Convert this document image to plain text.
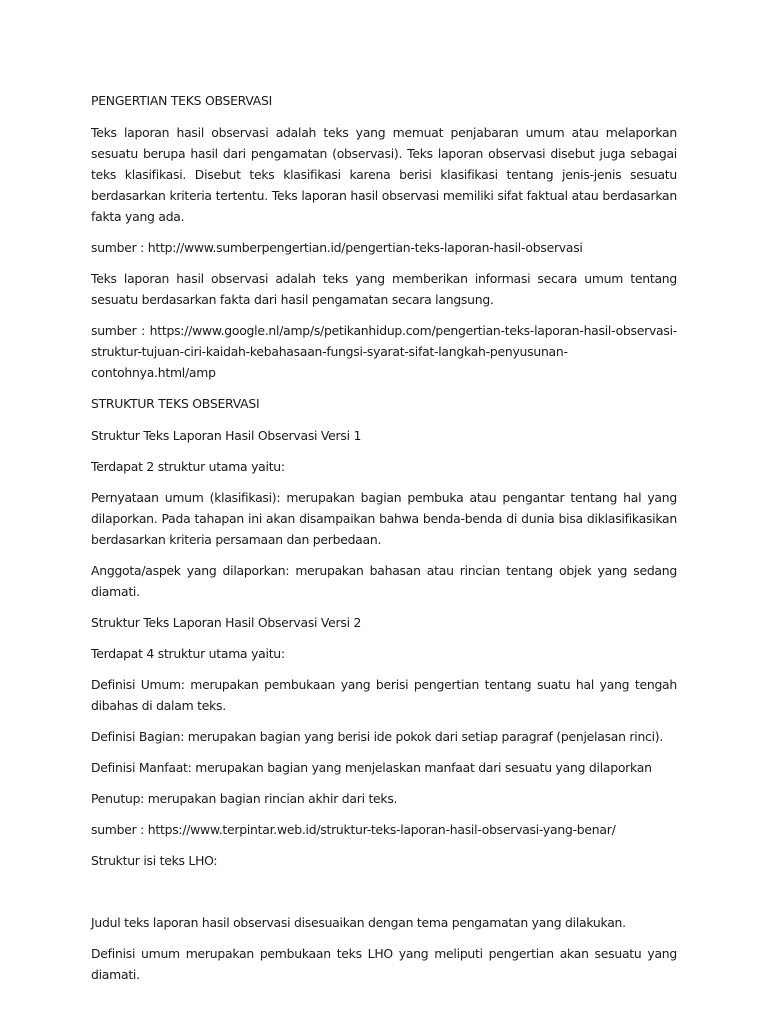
PENGERTIAN TEKS OBSERVASI

Teks laporan hasil observasi adalah teks yang memuat penjabaran umum atau melaporkan sesuatu berupa hasil dari pengamatan (observasi). Teks laporan observasi disebut juga sebagai teks klasifikasi. Disebut teks klasifikasi karena berisi klasifikasi tentang jenis-jenis sesuatu berdasarkan kriteria tertentu. Teks laporan hasil observasi memiliki sifat faktual atau berdasarkan fakta yang ada.

sumber : http://www.sumberpengertian.id/pengertian-teks-laporan-hasil-observasi

Teks laporan hasil observasi adalah teks yang memberikan informasi secara umum tentang sesuatu berdasarkan fakta dari hasil pengamatan secara langsung.

sumber : https://www.google.nl/amp/s/petikanhidup.com/pengertian-teks-laporan-hasil-observasi-struktur-tujuan-ciri-kaidah-kebahasaan-fungsi-syarat-sifat-langkah-penyusunan-contohnya.html/amp

STRUKTUR TEKS OBSERVASI

Struktur Teks Laporan Hasil Observasi Versi 1

Terdapat 2 struktur utama yaitu:

Pernyataan umum (klasifikasi): merupakan bagian pembuka atau pengantar tentang hal yang dilaporkan. Pada tahapan ini akan disampaikan bahwa benda-benda di dunia bisa diklasifikasikan berdasarkan kriteria persamaan dan perbedaan.

Anggota/aspek yang dilaporkan: merupakan bahasan atau rincian tentang objek yang sedang diamati.

Struktur Teks Laporan Hasil Observasi Versi 2

Terdapat 4 struktur utama yaitu:

Definisi Umum: merupakan pembukaan yang berisi pengertian tentang suatu hal yang tengah dibahas di dalam teks.

Definisi Bagian: merupakan bagian yang berisi ide pokok dari setiap paragraf (penjelasan rinci).

Definisi Manfaat: merupakan bagian yang menjelaskan manfaat dari sesuatu yang dilaporkan

Penutup: merupakan bagian rincian akhir dari teks.

sumber : https://www.terpintar.web.id/struktur-teks-laporan-hasil-observasi-yang-benar/

Struktur isi teks LHO:

Judul teks laporan hasil observasi disesuaikan dengan tema pengamatan yang dilakukan.

Definisi umum merupakan pembukaan teks LHO yang meliputi pengertian akan sesuatu yang diamati.
